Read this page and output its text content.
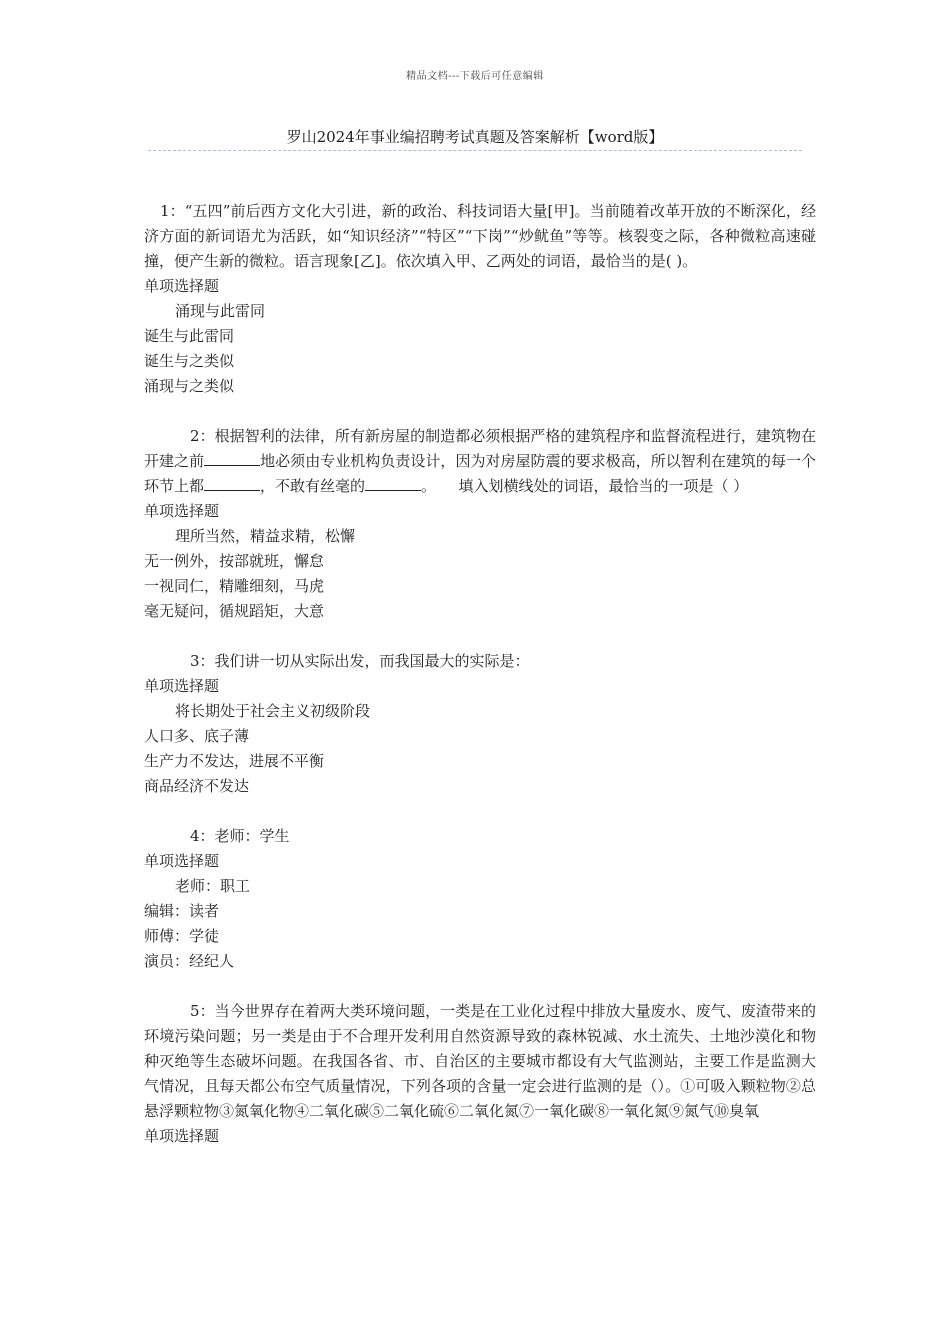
精品文档---下载后可任意编辑
罗山2024年事业编招聘考试真题及答案解析【word版】

1：“五四”前后西方文化大引进，新的政治、科技词语大量[甲]。当前随着改革开放的不断深化，经济方面的新词语尤为活跃，如“知识经济”“特区”“下岗”“炒鱿鱼”等等。核裂变之际，各种微粒高速碰撞，便产生新的微粒。语言现象[乙]。依次填入甲、乙两处的词语，最恰当的是( )。

单项选择题

涌现与此雷同

诞生与此雷同

诞生与之类似

涌现与之类似

2：根据智利的法律，所有新房屋的制造都必须根据严格的建筑程序和监督流程进行，建筑物在开建之前	地必须由专业机构负责设计，因为对房屋防震的要求极高，所以智利在建筑的每一个环节上都	，不敢有丝毫的	。　　填入划横线处的词语，最恰当的一项是（ ）

单项选择题

理所当然，精益求精，松懈

无一例外，按部就班，懈怠

一视同仁，精雕细刻，马虎

毫无疑问，循规蹈矩，大意

3：我们讲一切从实际出发，而我国最大的实际是：

单项选择题

将长期处于社会主义初级阶段

人口多、底子薄

生产力不发达，进展不平衡

商品经济不发达

4：老师：学生

单项选择题

老师：职工

编辑：读者

师傅：学徒

演员：经纪人

5：当今世界存在着两大类环境问题，一类是在工业化过程中排放大量废水、废气、废渣带来的环境污染问题；另一类是由于不合理开发利用自然资源导致的森林锐减、水土流失、土地沙漠化和物种灭绝等生态破坏问题。在我国各省、市、自治区的主要城市都设有大气监测站，主要工作是监测大气情况，且每天都公布空气质量情况，下列各项的含量一定会进行监测的是（）。①可吸入颗粒物②总悬浮颗粒物③氮氧化物④二氧化碳⑤二氧化硫⑥二氧化氮⑦一氧化碳⑧一氧化氮⑨氮气⑩臭氧

单项选择题
